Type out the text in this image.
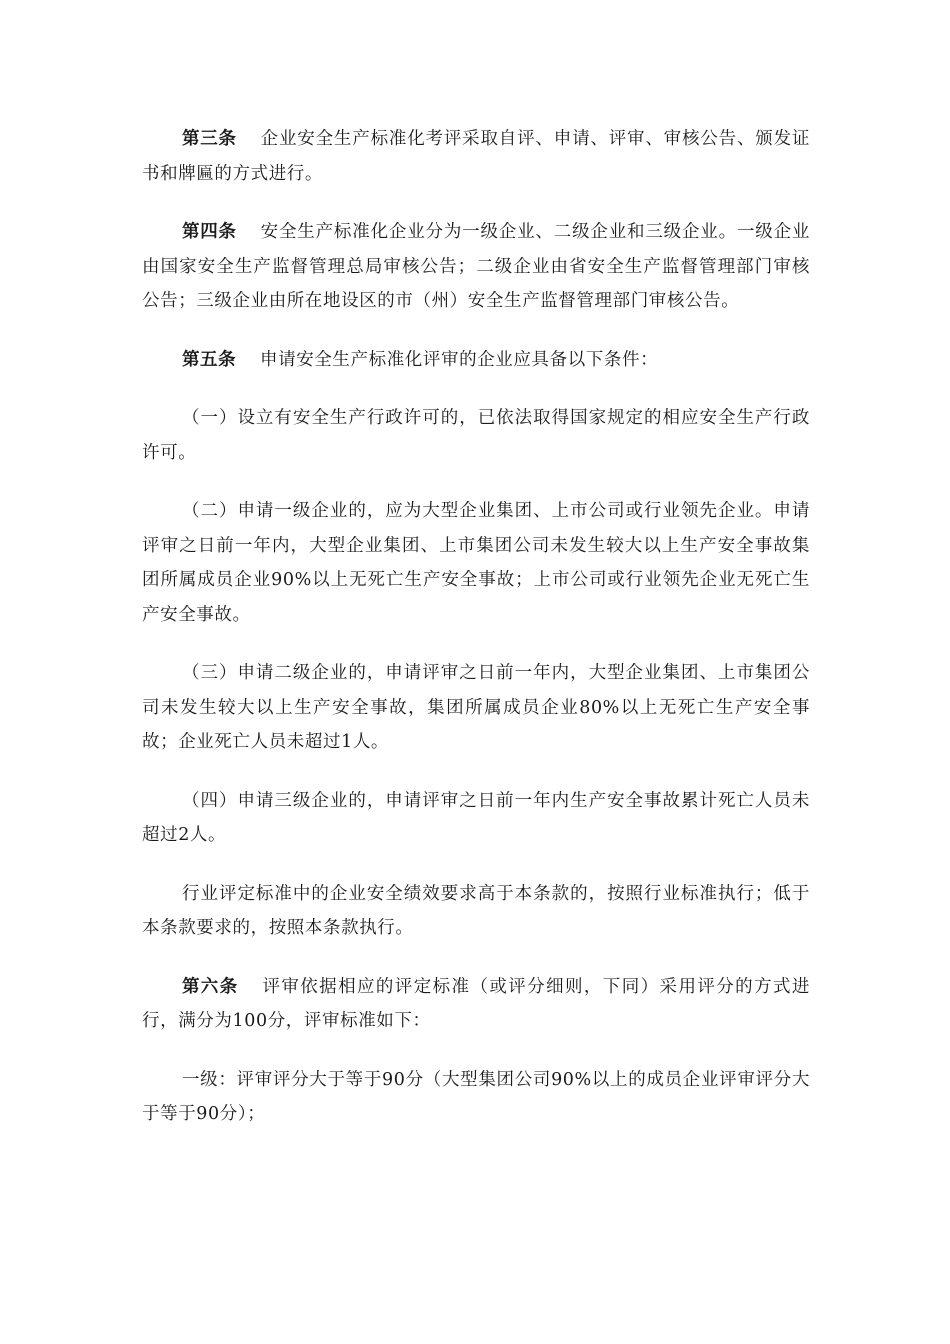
第三条 企业安全生产标准化考评采取自评、申请、评审、审核公告、颁发证书和牌匾的方式进行。

第四条 安全生产标准化企业分为一级企业、二级企业和三级企业。一级企业由国家安全生产监督管理总局审核公告；二级企业由省安全生产监督管理部门审核公告；三级企业由所在地设区的市（州）安全生产监督管理部门审核公告。

第五条 申请安全生产标准化评审的企业应具备以下条件：

（一）设立有安全生产行政许可的，已依法取得国家规定的相应安全生产行政许可。

（二）申请一级企业的，应为大型企业集团、上市公司或行业领先企业。申请评审之日前一年内，大型企业集团、上市集团公司未发生较大以上生产安全事故集团所属成员企业90%以上无死亡生产安全事故；上市公司或行业领先企业无死亡生产安全事故。

（三）申请二级企业的，申请评审之日前一年内，大型企业集团、上市集团公司未发生较大以上生产安全事故，集团所属成员企业80%以上无死亡生产安全事故；企业死亡人员未超过1人。

（四）申请三级企业的，申请评审之日前一年内生产安全事故累计死亡人员未超过2人。

行业评定标准中的企业安全绩效要求高于本条款的，按照行业标准执行；低于本条款要求的，按照本条款执行。

第六条 评审依据相应的评定标准（或评分细则，下同）采用评分的方式进行，满分为100分，评审标准如下：

一级：评审评分大于等于90分（大型集团公司90%以上的成员企业评审评分大于等于90分）；
